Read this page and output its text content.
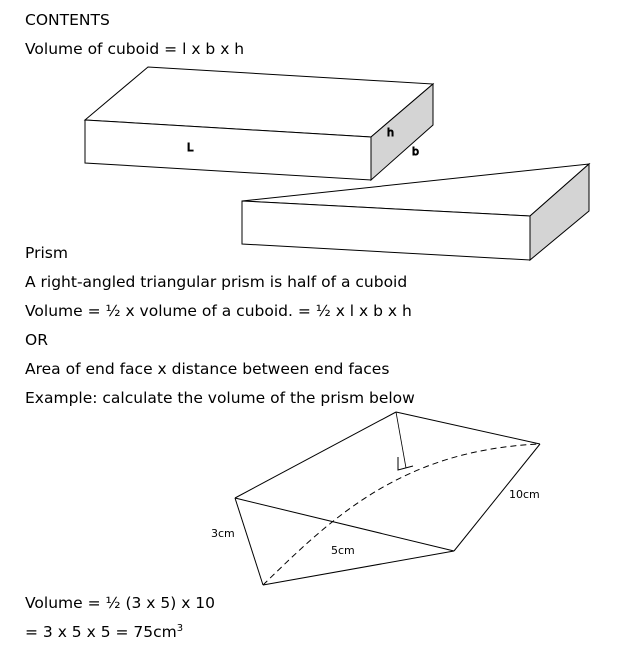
CONTENTS
Volume of cuboid = l x b x h
L
h
b
10cm
3cm
5cm
Prism
A right-angled triangular prism is half of a cuboid
Volume = ½ x volume of a cuboid. = ½ x l x b x h
OR
Area of end face x distance between end faces
Example: calculate the volume of the prism below
Volume = ½ (3 x 5) x 10
= 3 x 5 x $5 = 75cm^3$
